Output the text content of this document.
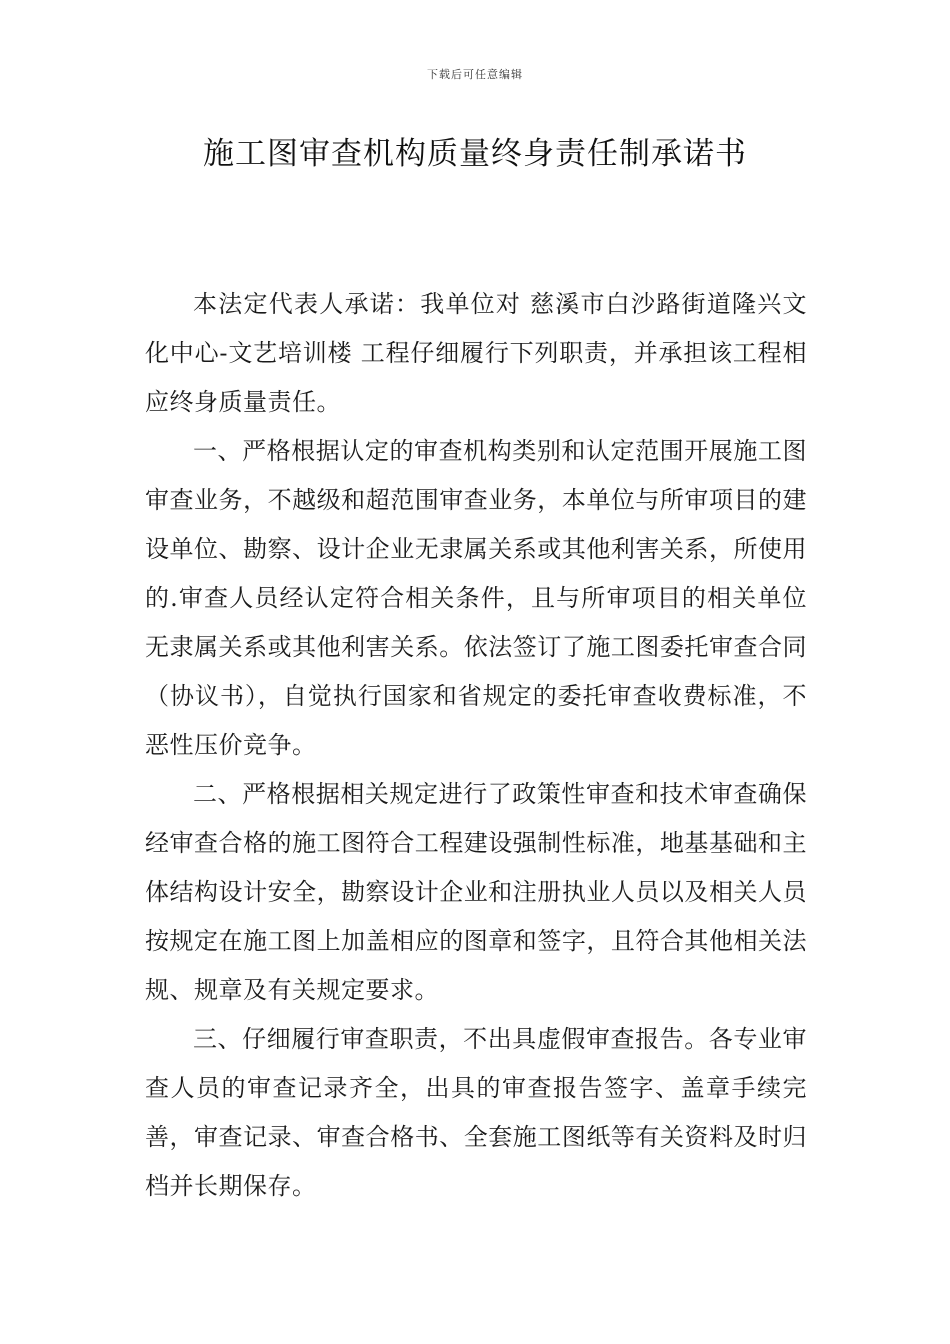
下载后可任意编辑
施工图审查机构质量终身责任制承诺书

本法定代表人承诺：我单位对 慈溪市白沙路街道隆兴文化中心-文艺培训楼 工程仔细履行下列职责，并承担该工程相应终身质量责任。

一、严格根据认定的审查机构类别和认定范围开展施工图审查业务，不越级和超范围审查业务，本单位与所审项目的建设单位、勘察、设计企业无隶属关系或其他利害关系，所使用的.审查人员经认定符合相关条件，且与所审项目的相关单位无隶属关系或其他利害关系。依法签订了施工图委托审查合同（协议书），自觉执行国家和省规定的委托审查收费标准，不恶性压价竞争。

二、严格根据相关规定进行了政策性审查和技术审查确保经审查合格的施工图符合工程建设强制性标准，地基基础和主体结构设计安全，勘察设计企业和注册执业人员以及相关人员按规定在施工图上加盖相应的图章和签字，且符合其他相关法规、规章及有关规定要求。

三、仔细履行审查职责，不出具虚假审查报告。各专业审查人员的审查记录齐全，出具的审查报告签字、盖章手续完善，审查记录、审查合格书、全套施工图纸等有关资料及时归档并长期保存。
